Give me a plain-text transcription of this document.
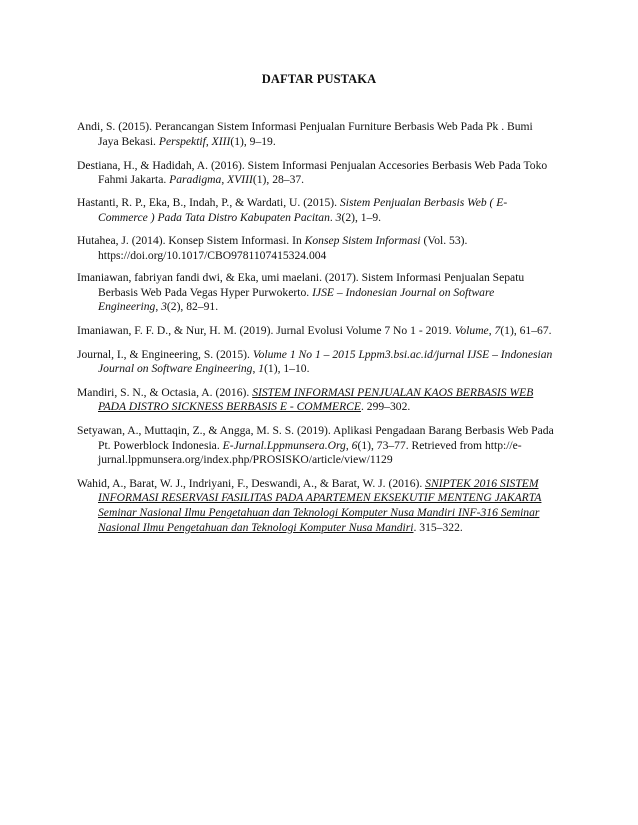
DAFTAR PUSTAKA
Andi, S. (2015). Perancangan Sistem Informasi Penjualan Furniture Berbasis Web Pada Pk . Bumi Jaya Bekasi. Perspektif, XIII(1), 9–19.
Destiana, H., & Hadidah, A. (2016). Sistem Informasi Penjualan Accesories Berbasis Web Pada Toko Fahmi Jakarta. Paradigma, XVIII(1), 28–37.
Hastanti, R. P., Eka, B., Indah, P., & Wardati, U. (2015). Sistem Penjualan Berbasis Web ( E-Commerce ) Pada Tata Distro Kabupaten Pacitan. 3(2), 1–9.
Hutahea, J. (2014). Konsep Sistem Informasi. In Konsep Sistem Informasi (Vol. 53). https://doi.org/10.1017/CBO9781107415324.004
Imaniawan, fabriyan fandi dwi, & Eka, umi maelani. (2017). Sistem Informasi Penjualan Sepatu Berbasis Web Pada Vegas Hyper Purwokerto. IJSE – Indonesian Journal on Software Engineering, 3(2), 82–91.
Imaniawan, F. F. D., & Nur, H. M. (2019). Jurnal Evolusi Volume 7 No 1 - 2019. Volume, 7(1), 61–67.
Journal, I., & Engineering, S. (2015). Volume 1 No 1 – 2015 Lppm3.bsi.ac.id/jurnal IJSE – Indonesian Journal on Software Engineering, 1(1), 1–10.
Mandiri, S. N., & Octasia, A. (2016). SISTEM INFORMASI PENJUALAN KAOS BERBASIS WEB PADA DISTRO SICKNESS BERBASIS E - COMMERCE. 299–302.
Setyawan, A., Muttaqin, Z., & Angga, M. S. S. (2019). Aplikasi Pengadaan Barang Berbasis Web Pada Pt. Powerblock Indonesia. E-Jurnal.Lppmunsera.Org, 6(1), 73–77. Retrieved from http://e-jurnal.lppmunsera.org/index.php/PROSISKO/article/view/1129
Wahid, A., Barat, W. J., Indriyani, F., Deswandi, A., & Barat, W. J. (2016). SNIPTEK 2016 SISTEM INFORMASI RESERVASI FASILITAS PADA APARTEMEN EKSEKUTIF MENTENG JAKARTA Seminar Nasional Ilmu Pengetahuan dan Teknologi Komputer Nusa Mandiri INF-316 Seminar Nasional Ilmu Pengetahuan dan Teknologi Komputer Nusa Mandiri. 315–322.
